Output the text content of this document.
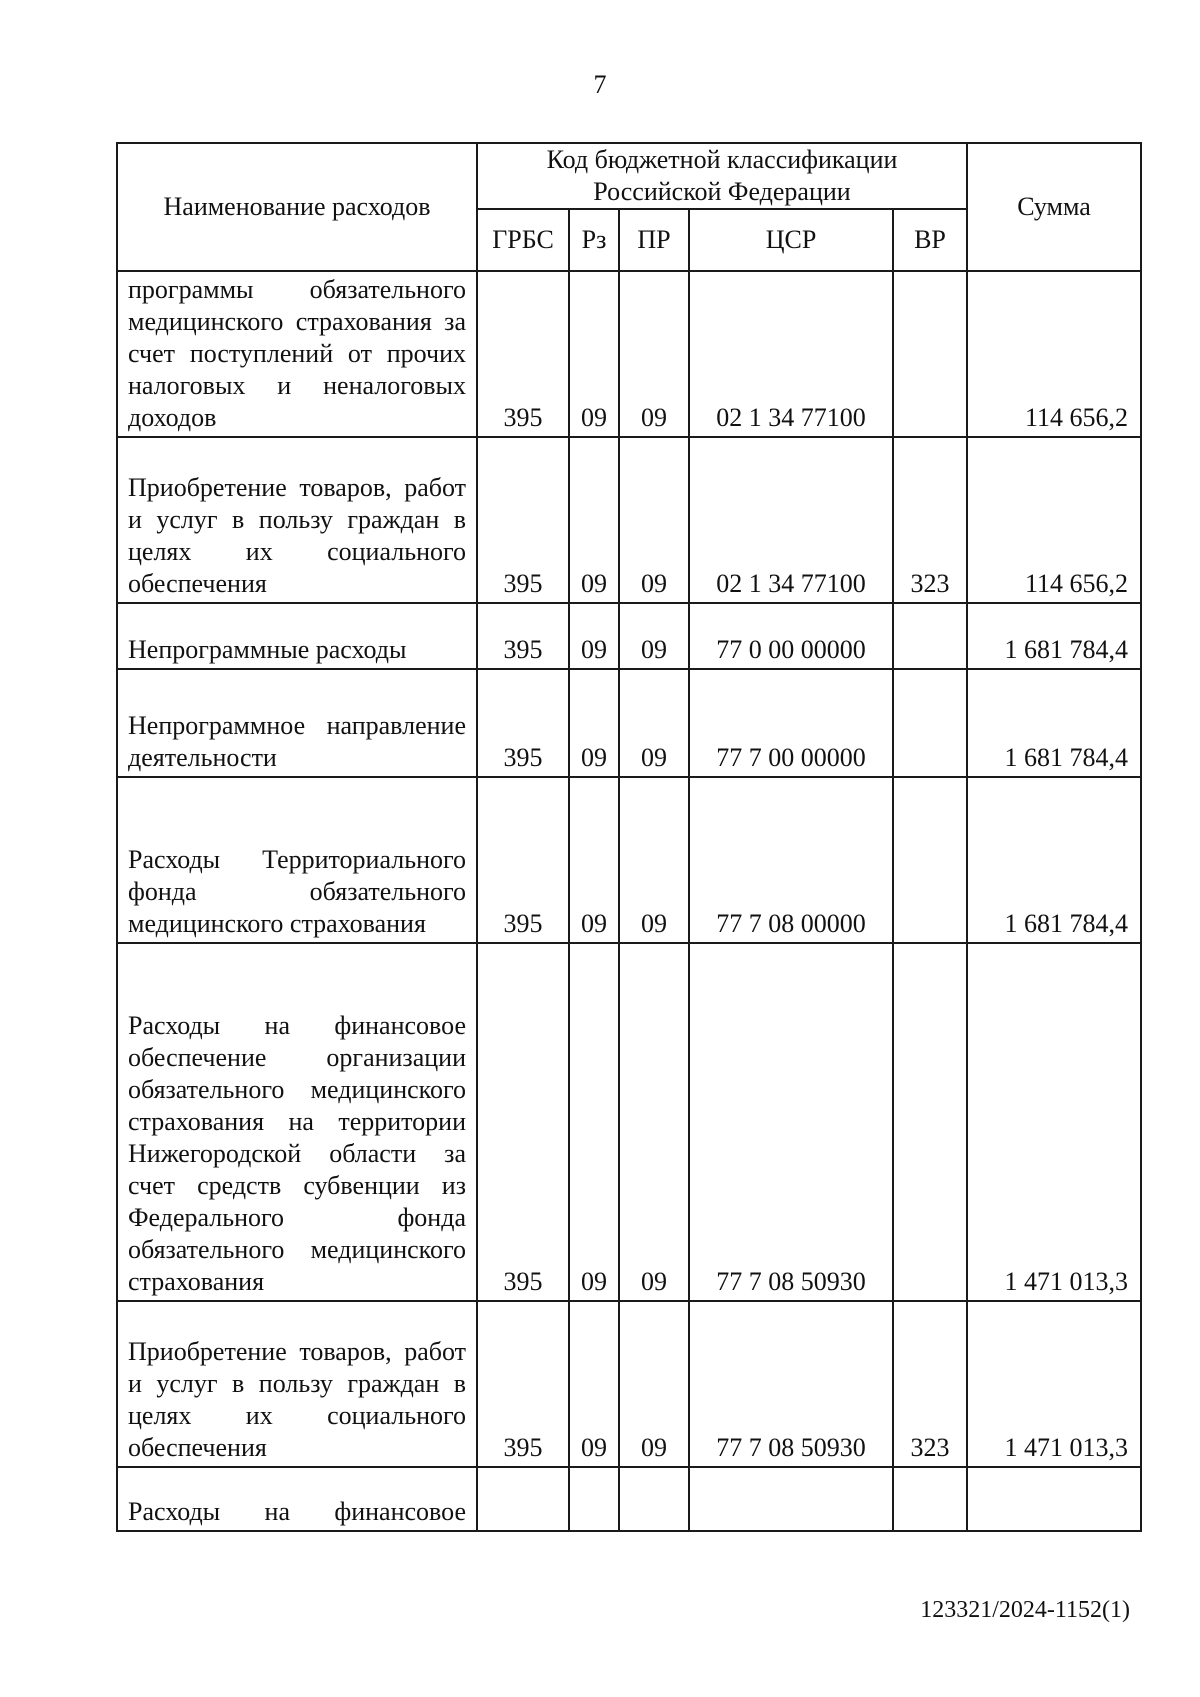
7
Наименование расходов	Код бюджетной классификации Российской Федерации					Сумма
	ГРБС	Рз	ПР	ЦСР	ВР	
программы обязательного медицинского страхования за счет поступлений от прочих налоговых и неналоговых доходов	395	09	09	02 1 34 77100		114 656,2
Приобретение товаров, работ и услуг в пользу граждан в целях их социального обеспечения	395	09	09	02 1 34 77100	323	114 656,2
Непрограммные расходы	395	09	09	77 0 00 00000		1 681 784,4
Непрограммное направление деятельности	395	09	09	77 7 00 00000		1 681 784,4
Расходы Территориального фонда обязательного медицинского страхования	395	09	09	77 7 08 00000		1 681 784,4
Расходы на финансовое обеспечение организации обязательного медицинского страхования на территории Нижегородской области за счет средств субвенции из Федерального фонда обязательного медицинского страхования	395	09	09	77 7 08 50930		1 471 013,3
Приобретение товаров, работ и услуг в пользу граждан в целях их социального обеспечения	395	09	09	77 7 08 50930	323	1 471 013,3
Расходы на финансовое						
123321/2024-1152(1)
